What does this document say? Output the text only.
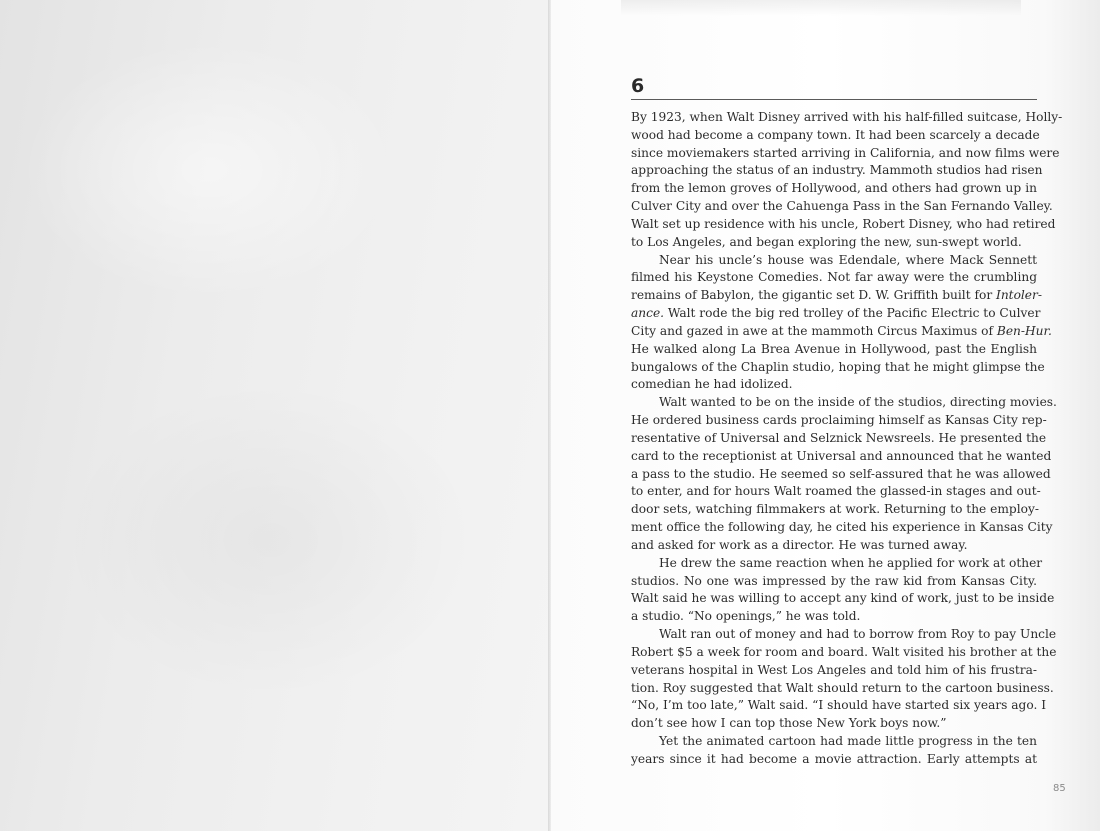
6
By 1923, when Walt Disney arrived with his half-filled suitcase, Holly-
wood had become a company town. It had been scarcely a decade
since moviemakers started arriving in California, and now films were
approaching the status of an industry. Mammoth studios had risen
from the lemon groves of Hollywood, and others had grown up in
Culver City and over the Cahuenga Pass in the San Fernando Valley.
Walt set up residence with his uncle, Robert Disney, who had retired
to Los Angeles, and began exploring the new, sun-swept world.
Near his uncle’s house was Edendale, where Mack Sennett
filmed his Keystone Comedies. Not far away were the crumbling
remains of Babylon, the gigantic set D. W. Griffith built for Intoler-
ance. Walt rode the big red trolley of the Pacific Electric to Culver
City and gazed in awe at the mammoth Circus Maximus of Ben-Hur.
He walked along La Brea Avenue in Hollywood, past the English
bungalows of the Chaplin studio, hoping that he might glimpse the
comedian he had idolized.
Walt wanted to be on the inside of the studios, directing movies.
He ordered business cards proclaiming himself as Kansas City rep-
resentative of Universal and Selznick Newsreels. He presented the
card to the receptionist at Universal and announced that he wanted
a pass to the studio. He seemed so self-assured that he was allowed
to enter, and for hours Walt roamed the glassed-in stages and out-
door sets, watching filmmakers at work. Returning to the employ-
ment office the following day, he cited his experience in Kansas City
and asked for work as a director. He was turned away.
He drew the same reaction when he applied for work at other
studios. No one was impressed by the raw kid from Kansas City.
Walt said he was willing to accept any kind of work, just to be inside
a studio. “No openings,” he was told.
Walt ran out of money and had to borrow from Roy to pay Uncle
Robert $5 a week for room and board. Walt visited his brother at the
veterans hospital in West Los Angeles and told him of his frustra-
tion. Roy suggested that Walt should return to the cartoon business.
“No, I’m too late,” Walt said. “I should have started six years ago. I
don’t see how I can top those New York boys now.”
Yet the animated cartoon had made little progress in the ten
years since it had become a movie attraction. Early attempts at
85
